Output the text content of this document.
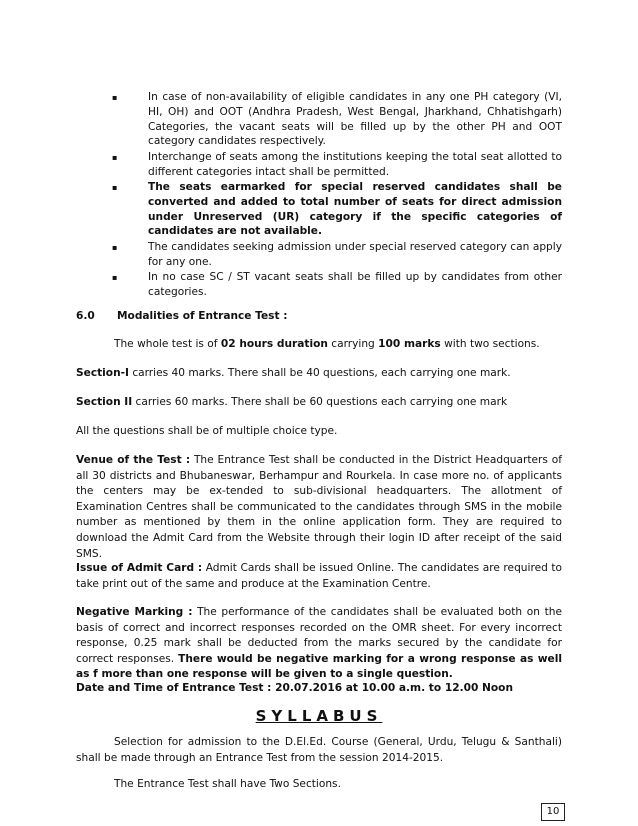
▪	In case of non-availability of eligible candidates in any one PH category (VI, HI, OH) and OOT (Andhra Pradesh, West Bengal, Jharkhand, Chhatishgarh) Categories, the vacant seats will be filled up by the other PH and OOT category candidates respectively.
▪	Interchange of seats among the institutions keeping the total seat allotted to different categories intact shall be permitted.
▪	The seats earmarked for special reserved candidates shall be converted and added to total number of seats for direct admission under Unreserved (UR) category if the specific categories of candidates are not available.
▪	The candidates seeking admission under special reserved category can apply for any one.
▪	In no case SC / ST vacant seats shall be filled up by candidates from other categories.
6.0 Modalities of Entrance Test :
The whole test is of 02 hours duration carrying 100 marks with two sections.
Section-I carries 40 marks. There shall be 40 questions, each carrying one mark.
Section II carries 60 marks. There shall be 60 questions each carrying one mark
All the questions shall be of multiple choice type.
Venue of the Test : The Entrance Test shall be conducted in the District Headquarters of all 30 districts and Bhubaneswar, Berhampur and Rourkela. In case more no. of applicants the centers may be ex-tended to sub-divisional headquarters. The allotment of Examination Centres shall be communicated to the candidates through SMS in the mobile number as mentioned by them in the online application form. They are required to download the Admit Card from the Website through their login ID after receipt of the said SMS.
Issue of Admit Card : Admit Cards shall be issued Online. The candidates are required to take print out of the same and produce at the Examination Centre.
Negative Marking : The performance of the candidates shall be evaluated both on the basis of correct and incorrect responses recorded on the OMR sheet. For every incorrect response, 0.25 mark shall be deducted from the marks secured by the candidate for correct responses. There would be negative marking for a wrong response as well as f more than one response will be given to a single question.
Date and Time of Entrance Test : 20.07.2016 at 10.00 a.m. to 12.00 Noon
SYLLABUS
Selection for admission to the D.El.Ed. Course (General, Urdu, Telugu & Santhali) shall be made through an Entrance Test from the session 2014-2015.
The Entrance Test shall have Two Sections.
10
